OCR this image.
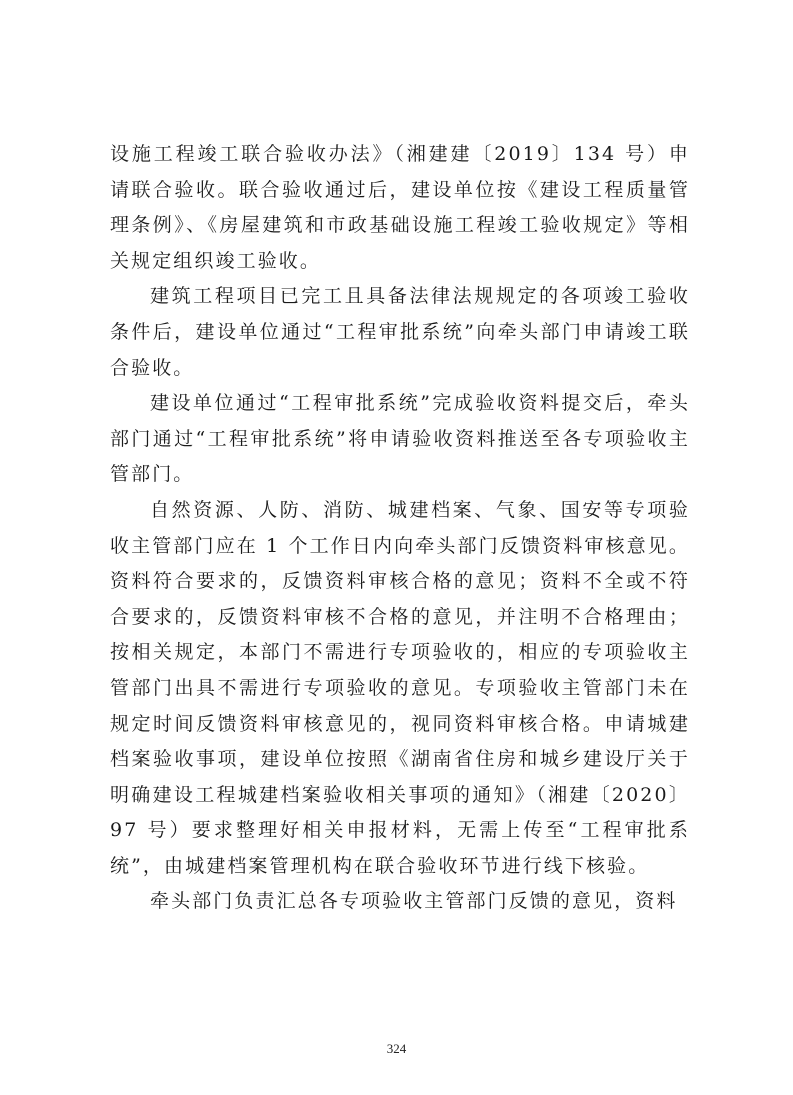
设施工程竣工联合验收办法》（湘建建〔2019〕134 号）申请联合验收。联合验收通过后，建设单位按《建设工程质量管理条例》、《房屋建筑和市政基础设施工程竣工验收规定》等相关规定组织竣工验收。

建筑工程项目已完工且具备法律法规规定的各项竣工验收条件后，建设单位通过“工程审批系统”向牵头部门申请竣工联合验收。

建设单位通过“工程审批系统”完成验收资料提交后，牵头部门通过“工程审批系统”将申请验收资料推送至各专项验收主管部门。

自然资源、人防、消防、城建档案、气象、国安等专项验收主管部门应在 1 个工作日内向牵头部门反馈资料审核意见。资料符合要求的，反馈资料审核合格的意见；资料不全或不符合要求的，反馈资料审核不合格的意见，并注明不合格理由；按相关规定，本部门不需进行专项验收的，相应的专项验收主管部门出具不需进行专项验收的意见。专项验收主管部门未在规定时间反馈资料审核意见的，视同资料审核合格。申请城建档案验收事项，建设单位按照《湖南省住房和城乡建设厅关于明确建设工程城建档案验收相关事项的通知》（湘建〔2020〕97 号）要求整理好相关申报材料，无需上传至“工程审批系统”，由城建档案管理机构在联合验收环节进行线下核验。

牵头部门负责汇总各专项验收主管部门反馈的意见，资料

324
